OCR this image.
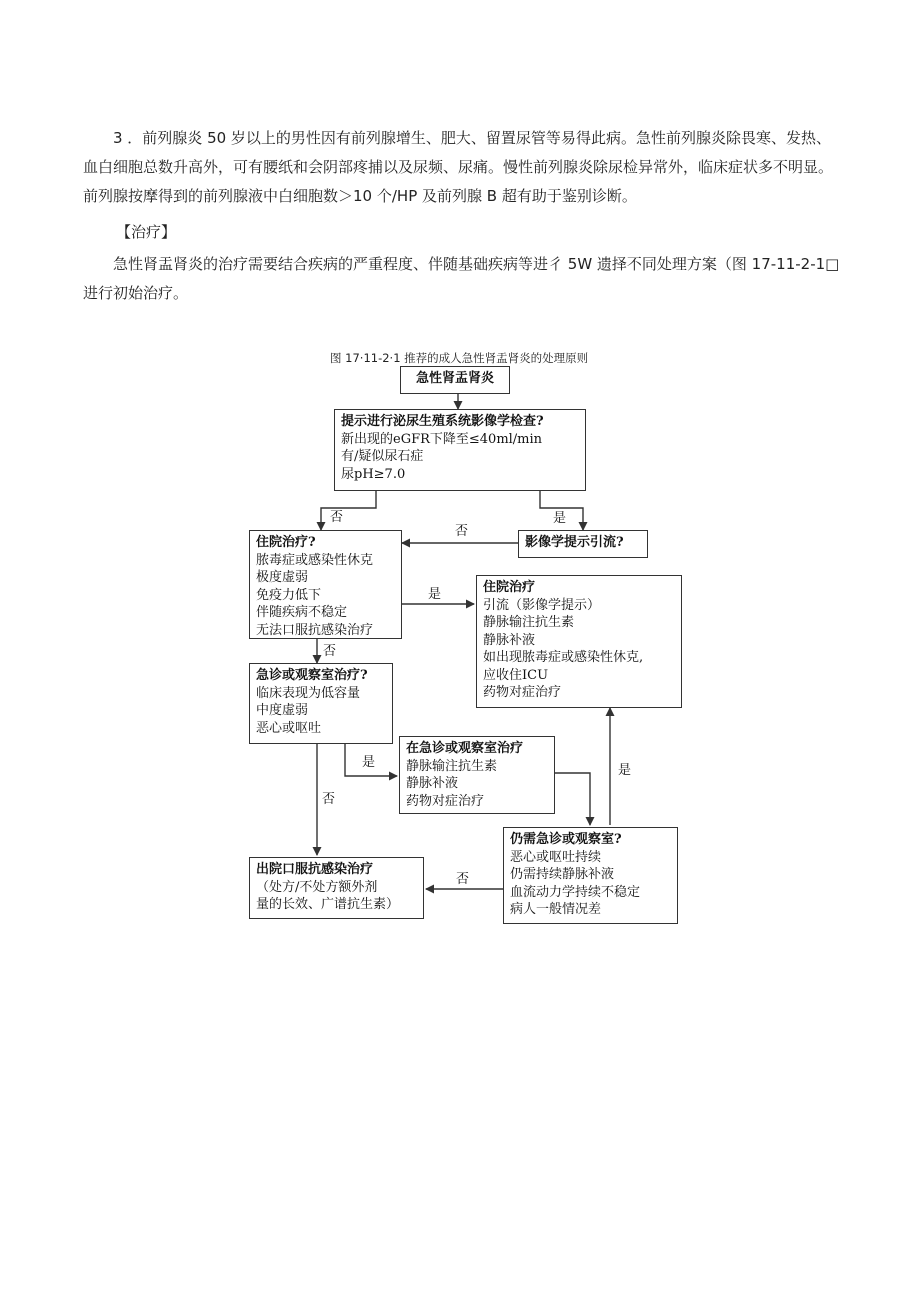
3 ．前列腺炎 50 岁以上的男性因有前列腺增生、肥大、留置尿管等易得此病。急性前列腺炎除畏寒、发热、
血白细胞总数升高外，可有腰纸和会阴部疼捕以及尿频、尿痛。慢性前列腺炎除尿检异常外，临床症状多不明显。
前列腺按摩得到的前列腺液中白细胞数＞10 个/HP 及前列腺 B 超有助于鉴别诊断。

【治疗】

急性肾盂肾炎的治疗需要结合疾病的严重程度、伴随基础疾病等进彳 5W 遗择不同处理方案（图 17-11-2-1□
进行初始治疗。

图 17·11-2·1 推荐的成人急性肾盂肾炎的处理原则
急性肾盂肾炎
提示进行泌尿生殖系统影像学检查?
新出现的eGFR下降至≤40ml/min
有/疑似尿石症
尿pH≥7.0
影像学提示引流?
住院治疗?
脓毒症或感染性休克
极度虚弱
免疫力低下
伴随疾病不稳定
无法口服抗感染治疗
住院治疗
引流（影像学提示）
静脉输注抗生素
静脉补液
如出现脓毒症或感染性休克,
应收住ICU
药物对症治疗
急诊或观察室治疗?
临床表现为低容量
中度虚弱
恶心或呕吐
在急诊或观察室治疗
静脉输注抗生素
静脉补液
药物对症治疗
仍需急诊或观察室?
恶心或呕吐持续
仍需持续静脉补液
血流动力学持续不稳定
病人一般情况差
出院口服抗感染治疗
（处方/不处方额外剂
量的长效、广谱抗生素）
否	是
否
是
否
是
否
是
否
